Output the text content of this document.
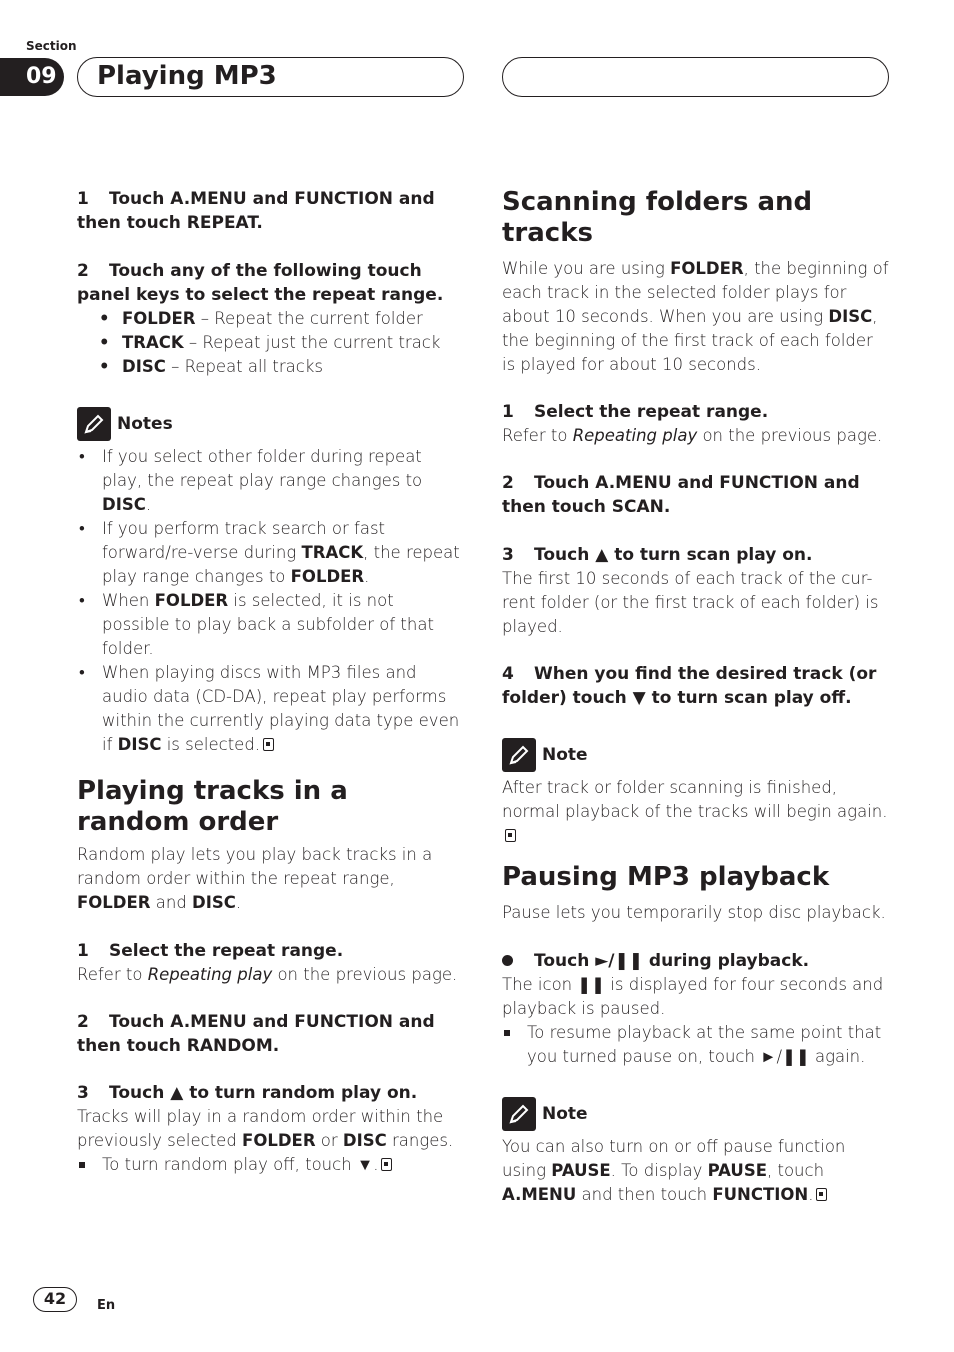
Section
09 Playing MP3

1 Touch A.MENU and FUNCTION and then touch REPEAT.

2 Touch any of the following touch panel keys to select the repeat range.

• FOLDER – Repeat the current folder

• TRACK – Repeat just the current track

• DISC – Repeat all tracks

Notes

• If you select other folder during repeat play, the repeat play range changes to DISC.

• If you perform track search or fast forward/re-verse during TRACK, the repeat play range changes to FOLDER.

• When FOLDER is selected, it is not possible to play back a subfolder of that folder.

• When playing discs with MP3 files and audio data (CD-DA), repeat play performs within the currently playing data type even if DISC is selected.

Playing tracks in a random order

Random play lets you play back tracks in a random order within the repeat range, FOLDER and DISC.

1 Select the repeat range.

Refer to Repeating play on the previous page.

2 Touch A.MENU and FUNCTION and then touch RANDOM.

3 Touch ▲ to turn random play on.

Tracks will play in a random order within the previously selected FOLDER or DISC ranges.

To turn random play off, touch ▼.

Scanning folders and tracks

While you are using FOLDER, the beginning of each track in the selected folder plays for about 10 seconds. When you are using DISC, the beginning of the first track of each folder is played for about 10 seconds.

1 Select the repeat range.

Refer to Repeating play on the previous page.

2 Touch A.MENU and FUNCTION and then touch SCAN.

3 Touch ▲ to turn scan play on.

The first 10 seconds of each track of the cur-rent folder (or the first track of each folder) is played.

4 When you find the desired track (or folder) touch ▼ to turn scan play off.

Note

After track or folder scanning is finished, normal playback of the tracks will begin again.

Pausing MP3 playback

Pause lets you temporarily stop disc playback.

Touch ►/❚❚ during playback.

The icon ❚❚ is displayed for four seconds and playback is paused.

To resume playback at the same point that you turned pause on, touch ►/❚❚ again.

Note

You can also turn on or off pause function using PAUSE. To display PAUSE, touch A.MENU and then touch FUNCTION.

42	En
